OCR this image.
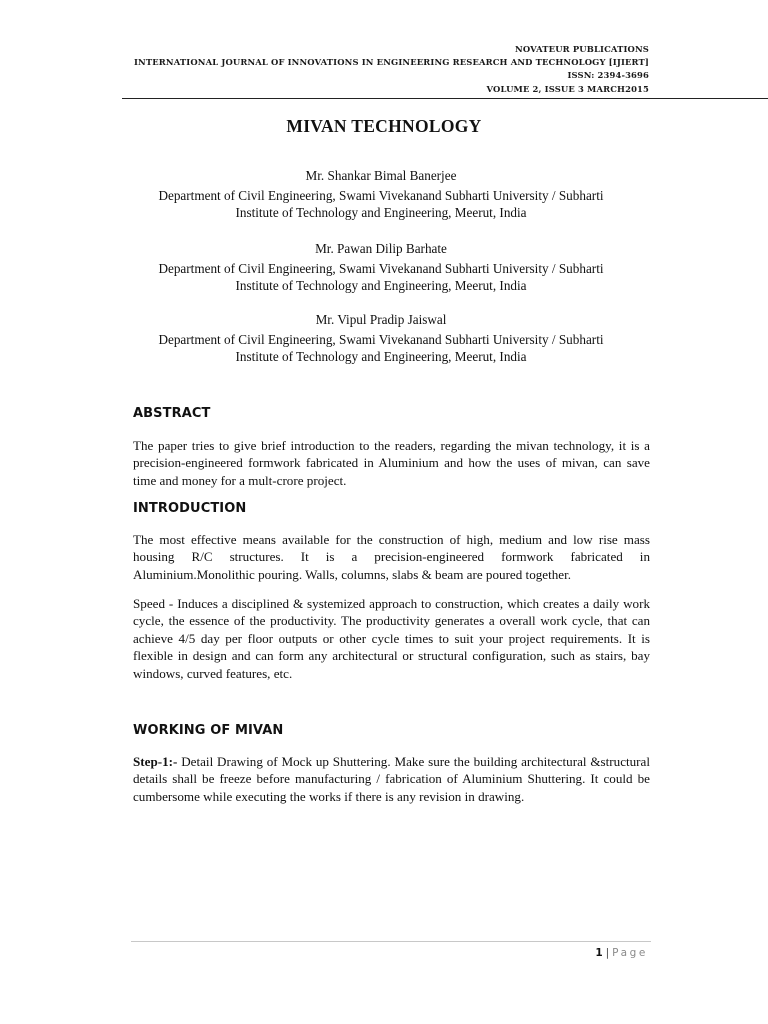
NOVATEUR PUBLICATIONS
INTERNATIONAL JOURNAL OF INNOVATIONS IN ENGINEERING RESEARCH AND TECHNOLOGY [IJIERT]
ISSN: 2394-3696
VOLUME 2, ISSUE 3 MARCH2015
MIVAN TECHNOLOGY
Mr. Shankar Bimal Banerjee
Department of Civil Engineering, Swami Vivekanand Subharti University / Subharti
Institute of Technology and Engineering, Meerut, India
Mr. Pawan Dilip Barhate
Department of Civil Engineering, Swami Vivekanand Subharti University / Subharti
Institute of Technology and Engineering, Meerut, India
Mr. Vipul Pradip Jaiswal
Department of Civil Engineering, Swami Vivekanand Subharti University / Subharti
Institute of Technology and Engineering, Meerut, India
ABSTRACT
The paper tries to give brief introduction to the readers, regarding the mivan technology, it is a precision-engineered formwork fabricated in Aluminium and how the uses of mivan, can save time and money for a mult-crore project.
INTRODUCTION
The most effective means available for the construction of high, medium and low rise mass housing R/C structures. It is a precision-engineered formwork fabricated in Aluminium.Monolithic pouring. Walls, columns, slabs & beam are poured together.
Speed - Induces a disciplined & systemized approach to construction, which creates a daily work cycle, the essence of the productivity. The productivity generates a overall work cycle, that can achieve 4/5 day per floor outputs or other cycle times to suit your project requirements. It is flexible in design and can form any architectural or structural configuration, such as stairs, bay windows, curved features, etc.
WORKING OF MIVAN
Step-1:- Detail Drawing of Mock up Shuttering. Make sure the building architectural &structural details shall be freeze before manufacturing / fabrication of Aluminium Shuttering. It could be cumbersome while executing the works if there is any revision in drawing.
1 | Page
